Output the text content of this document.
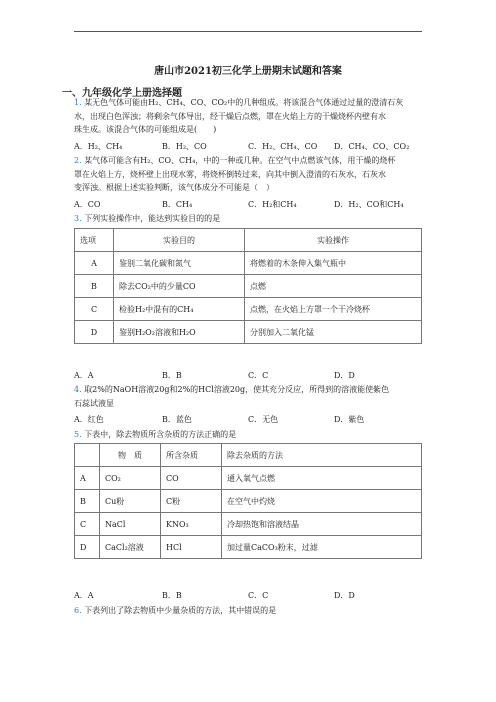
唐山市2021初三化学上册期末试题和答案
一、九年级化学上册选择题
1. 某无色气体可能由H₂、CH₄、CO、CO₂中的几种组成。将该混合气体通过过量的澄清石灰
水，出现白色浑浊；将剩余气体导出，经干燥后点燃，罩在火焰上方的干燥烧杯内壁有水
珠生成。该混合气体的可能组成是(　　)
A．H₂、CH₄	B．H₂、CO	C．H₂、CH₄、CO D．CH₄、CO、CO₂
2. 某气体可能含有H₂、CO、CH₄，中的一种或几种。在空气中点燃该气体，用干燥的烧杯
罩在火焰上方，烧杯壁上出现水雾，将烧杯倒转过来，向其中倒入澄清的石灰水，石灰水
变浑浊。根据上述实验判断，该气体成分不可能是（　）
A．CO	B．CH₄	C．H₂和CH₄	D．H₂、CO和CH₄
3. 下列实验操作中，能达到实验目的的是
选项	实验目的	实验操作
A	鉴别二氧化碳和氮气	将燃着的木条伸入集气瓶中
B	除去CO₂中的少量CO	点燃
C	检验H₂中混有的CH₄	点燃，在火焰上方罩一个干冷烧杯
D	鉴别H₂O₂溶液和H₂O	分别加入二氧化锰
A．A	B．B	C．C	D．D
4. 取2%的NaOH溶液20g和2%的HCl溶液20g，使其充分反应，所得到的溶液能使紫色
石蕊试液显
A．红色	B．蓝色	C．无色	D．紫色
5. 下表中，除去物质所含杂质的方法正确的是
	物　质	所含杂质	除去杂质的方法
A	CO₂	CO	通入氧气点燃
B	Cu粉	C粉	在空气中灼烧
C	NaCl	KNO₃	冷却热饱和溶液结晶
D	CaCl₂溶液	HCl	加过量CaCO₃粉末，过滤
A．A	B．B	C．C	D．D
6. 下表列出了除去物质中少量杂质的方法，其中错误的是
